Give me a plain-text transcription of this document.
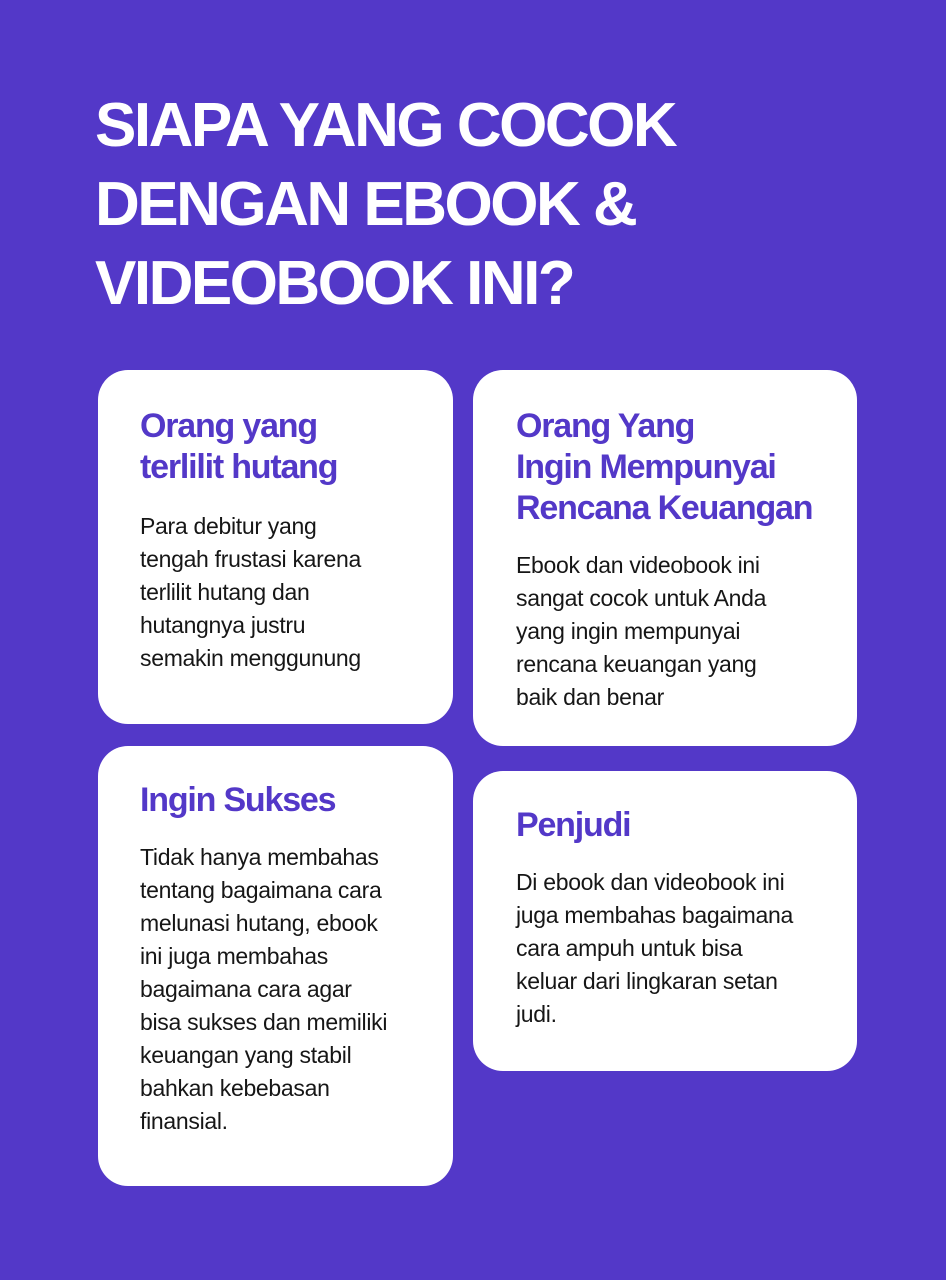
SIAPA YANG COCOK
DENGAN EBOOK &
VIDEOBOOK INI?
Orang yang
terlilit hutang

Para debitur yang
tengah frustasi karena
terlilit hutang dan
hutangnya justru
semakin menggunung

Orang Yang
Ingin Mempunyai
Rencana Keuangan

Ebook dan videobook ini
sangat cocok untuk Anda
yang ingin mempunyai
rencana keuangan yang
baik dan benar

Ingin Sukses

Tidak hanya membahas
tentang bagaimana cara
melunasi hutang, ebook
ini juga membahas
bagaimana cara agar
bisa sukses dan memiliki
keuangan yang stabil
bahkan kebebasan
finansial.

Penjudi

Di ebook dan videobook ini
juga membahas bagaimana
cara ampuh untuk bisa
keluar dari lingkaran setan
judi.
